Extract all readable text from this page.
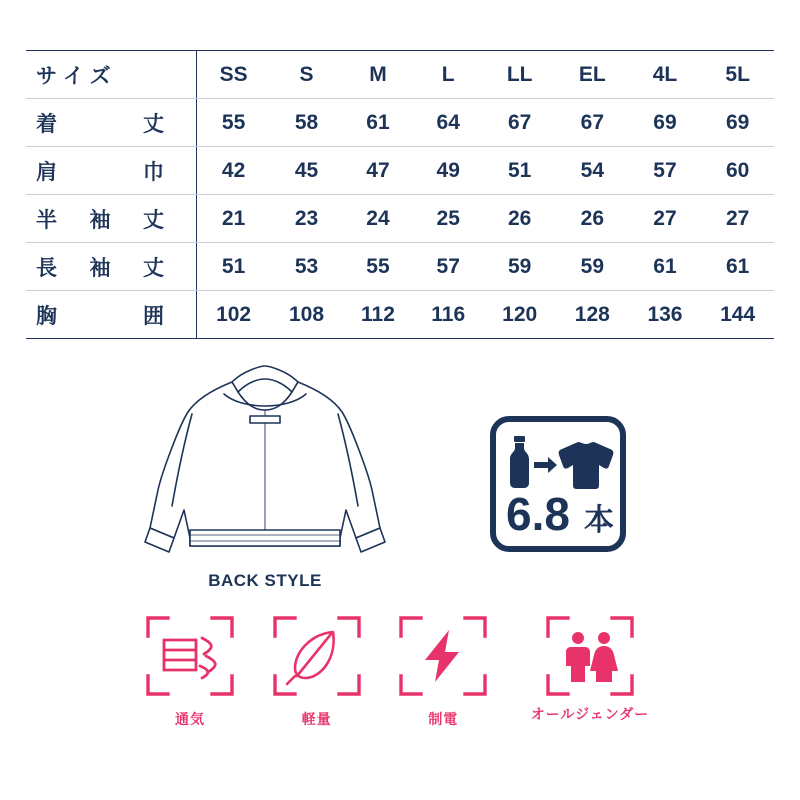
サ イ ズ	SS	S	M	L	LL	EL	4L	5L

着 丈	55	58	61	64	67	67	69	69

肩 巾	42	45	47	49	51	54	57	60

半 袖 丈	21	23	24	25	26	26	27	27

長 袖 丈	51	53	55	57	59	59	61	61

胸 囲	102	108	112	116	120	128	136	144
BACK STYLE
6.8 本
通気	軽量	制電	オールジェンダー
